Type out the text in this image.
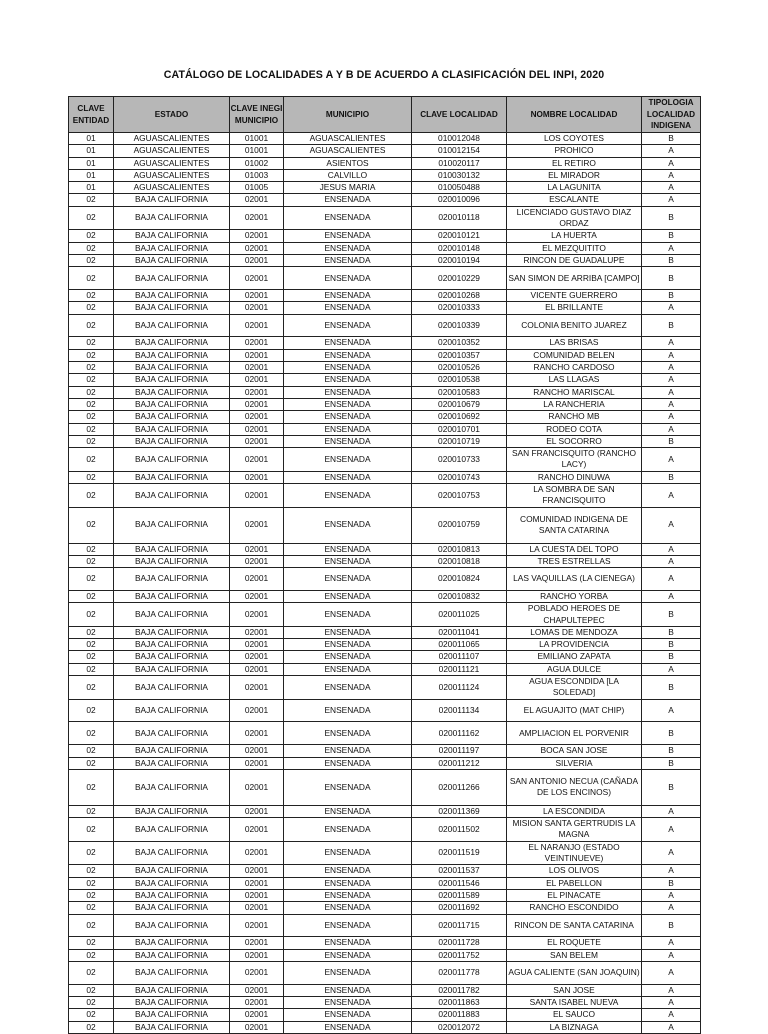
CATÁLOGO DE LOCALIDADES A Y B DE ACUERDO A CLASIFICACIÓN DEL INPI, 2020
CLAVE ENTIDAD	ESTADO	CLAVE INEGI MUNICIPIO	MUNICIPIO	CLAVE LOCALIDAD	NOMBRE LOCALIDAD	TIPOLOGIA LOCALIDAD INDIGENA
01	AGUASCALIENTES	01001	AGUASCALIENTES	010012048	LOS COYOTES	B
01	AGUASCALIENTES	01001	AGUASCALIENTES	010012154	PROHICO	A
01	AGUASCALIENTES	01002	ASIENTOS	010020117	EL RETIRO	A
01	AGUASCALIENTES	01003	CALVILLO	010030132	EL MIRADOR	A
01	AGUASCALIENTES	01005	JESUS MARIA	010050488	LA LAGUNITA	A
02	BAJA CALIFORNIA	02001	ENSENADA	020010096	ESCALANTE	A
02	BAJA CALIFORNIA	02001	ENSENADA	020010118	LICENCIADO GUSTAVO DIAZ ORDAZ	B
02	BAJA CALIFORNIA	02001	ENSENADA	020010121	LA HUERTA	B
02	BAJA CALIFORNIA	02001	ENSENADA	020010148	EL MEZQUITITO	A
02	BAJA CALIFORNIA	02001	ENSENADA	020010194	RINCON DE GUADALUPE	B
02	BAJA CALIFORNIA	02001	ENSENADA	020010229	SAN SIMON DE ARRIBA [CAMPO]	B
02	BAJA CALIFORNIA	02001	ENSENADA	020010268	VICENTE GUERRERO	B
02	BAJA CALIFORNIA	02001	ENSENADA	020010333	EL BRILLANTE	A
02	BAJA CALIFORNIA	02001	ENSENADA	020010339	COLONIA BENITO JUAREZ	B
02	BAJA CALIFORNIA	02001	ENSENADA	020010352	LAS BRISAS	A
02	BAJA CALIFORNIA	02001	ENSENADA	020010357	COMUNIDAD BELEN	A
02	BAJA CALIFORNIA	02001	ENSENADA	020010526	RANCHO CARDOSO	A
02	BAJA CALIFORNIA	02001	ENSENADA	020010538	LAS LLAGAS	A
02	BAJA CALIFORNIA	02001	ENSENADA	020010583	RANCHO MARISCAL	A
02	BAJA CALIFORNIA	02001	ENSENADA	020010679	LA RANCHERIA	A
02	BAJA CALIFORNIA	02001	ENSENADA	020010692	RANCHO MB	A
02	BAJA CALIFORNIA	02001	ENSENADA	020010701	RODEO COTA	A
02	BAJA CALIFORNIA	02001	ENSENADA	020010719	EL SOCORRO	B
02	BAJA CALIFORNIA	02001	ENSENADA	020010733	SAN FRANCISQUITO (RANCHO LACY)	A
02	BAJA CALIFORNIA	02001	ENSENADA	020010743	RANCHO DINUWA	B
02	BAJA CALIFORNIA	02001	ENSENADA	020010753	LA SOMBRA DE SAN FRANCISQUITO	A
02	BAJA CALIFORNIA	02001	ENSENADA	020010759	COMUNIDAD INDIGENA DE SANTA CATARINA	A
02	BAJA CALIFORNIA	02001	ENSENADA	020010813	LA CUESTA DEL TOPO	A
02	BAJA CALIFORNIA	02001	ENSENADA	020010818	TRES ESTRELLAS	A
02	BAJA CALIFORNIA	02001	ENSENADA	020010824	LAS VAQUILLAS (LA CIENEGA)	A
02	BAJA CALIFORNIA	02001	ENSENADA	020010832	RANCHO YORBA	A
02	BAJA CALIFORNIA	02001	ENSENADA	020011025	POBLADO HEROES DE CHAPULTEPEC	B
02	BAJA CALIFORNIA	02001	ENSENADA	020011041	LOMAS DE MENDOZA	B
02	BAJA CALIFORNIA	02001	ENSENADA	020011065	LA PROVIDENCIA	B
02	BAJA CALIFORNIA	02001	ENSENADA	020011107	EMILIANO ZAPATA	B
02	BAJA CALIFORNIA	02001	ENSENADA	020011121	AGUA DULCE	A
02	BAJA CALIFORNIA	02001	ENSENADA	020011124	AGUA ESCONDIDA [LA SOLEDAD]	B
02	BAJA CALIFORNIA	02001	ENSENADA	020011134	EL AGUAJITO (MAT CHIP)	A
02	BAJA CALIFORNIA	02001	ENSENADA	020011162	AMPLIACION EL PORVENIR	B
02	BAJA CALIFORNIA	02001	ENSENADA	020011197	BOCA SAN JOSE	B
02	BAJA CALIFORNIA	02001	ENSENADA	020011212	SILVERIA	B
02	BAJA CALIFORNIA	02001	ENSENADA	020011266	SAN ANTONIO NECUA (CAÑADA DE LOS ENCINOS)	B
02	BAJA CALIFORNIA	02001	ENSENADA	020011369	LA ESCONDIDA	A
02	BAJA CALIFORNIA	02001	ENSENADA	020011502	MISION SANTA GERTRUDIS LA MAGNA	A
02	BAJA CALIFORNIA	02001	ENSENADA	020011519	EL NARANJO (ESTADO VEINTINUEVE)	A
02	BAJA CALIFORNIA	02001	ENSENADA	020011537	LOS OLIVOS	A
02	BAJA CALIFORNIA	02001	ENSENADA	020011546	EL PABELLON	B
02	BAJA CALIFORNIA	02001	ENSENADA	020011589	EL PINACATE	A
02	BAJA CALIFORNIA	02001	ENSENADA	020011692	RANCHO ESCONDIDO	A
02	BAJA CALIFORNIA	02001	ENSENADA	020011715	RINCON DE SANTA CATARINA	B
02	BAJA CALIFORNIA	02001	ENSENADA	020011728	EL ROQUETE	A
02	BAJA CALIFORNIA	02001	ENSENADA	020011752	SAN BELEM	A
02	BAJA CALIFORNIA	02001	ENSENADA	020011778	AGUA CALIENTE (SAN JOAQUIN)	A
02	BAJA CALIFORNIA	02001	ENSENADA	020011782	SAN JOSE	A
02	BAJA CALIFORNIA	02001	ENSENADA	020011863	SANTA ISABEL NUEVA	A
02	BAJA CALIFORNIA	02001	ENSENADA	020011883	EL SAUCO	A
02	BAJA CALIFORNIA	02001	ENSENADA	020012072	LA BIZNAGA	A
